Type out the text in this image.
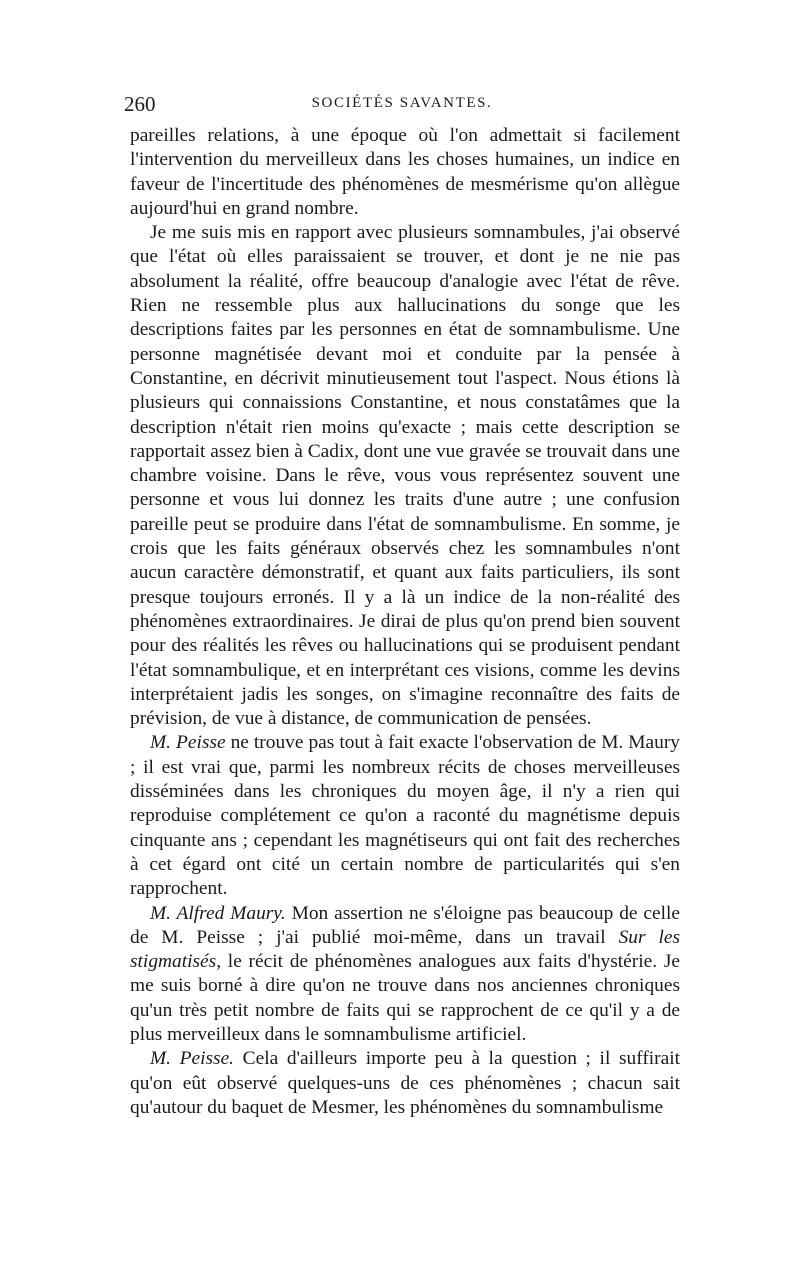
260	SOCIÉTÉS SAVANTES.

pareilles relations, à une époque où l'on admettait si facilement l'intervention du merveilleux dans les choses humaines, un indice en faveur de l'incertitude des phénomènes de mesmérisme qu'on allègue aujourd'hui en grand nombre.

Je me suis mis en rapport avec plusieurs somnambules, j'ai observé que l'état où elles paraissaient se trouver, et dont je ne nie pas absolument la réalité, offre beaucoup d'analogie avec l'état de rêve. Rien ne ressemble plus aux hallucinations du songe que les descriptions faites par les personnes en état de somnambulisme. Une personne magnétisée devant moi et conduite par la pensée à Constantine, en décrivit minutieusement tout l'aspect. Nous étions là plusieurs qui connaissions Constantine, et nous constatâmes que la description n'était rien moins qu'exacte ; mais cette description se rapportait assez bien à Cadix, dont une vue gravée se trouvait dans une chambre voisine. Dans le rêve, vous vous représentez souvent une personne et vous lui donnez les traits d'une autre ; une confusion pareille peut se produire dans l'état de somnambulisme. En somme, je crois que les faits généraux observés chez les somnambules n'ont aucun caractère démonstratif, et quant aux faits particuliers, ils sont presque toujours erronés. Il y a là un indice de la non-réalité des phénomènes extraordinaires. Je dirai de plus qu'on prend bien souvent pour des réalités les rêves ou hallucinations qui se produisent pendant l'état somnambulique, et en interprétant ces visions, comme les devins interprétaient jadis les songes, on s'imagine reconnaître des faits de prévision, de vue à distance, de communication de pensées.

M. Peisse ne trouve pas tout à fait exacte l'observation de M. Maury ; il est vrai que, parmi les nombreux récits de choses merveilleuses disséminées dans les chroniques du moyen âge, il n'y a rien qui reproduise complétement ce qu'on a raconté du magnétisme depuis cinquante ans ; cependant les magnétiseurs qui ont fait des recherches à cet égard ont cité un certain nombre de particularités qui s'en rapprochent.

M. Alfred Maury. Mon assertion ne s'éloigne pas beaucoup de celle de M. Peisse ; j'ai publié moi-même, dans un travail Sur les stigmatisés, le récit de phénomènes analogues aux faits d'hystérie. Je me suis borné à dire qu'on ne trouve dans nos anciennes chroniques qu'un très petit nombre de faits qui se rapprochent de ce qu'il y a de plus merveilleux dans le somnambulisme artificiel.

M. Peisse. Cela d'ailleurs importe peu à la question ; il suffirait qu'on eût observé quelques-uns de ces phénomènes ; chacun sait qu'autour du baquet de Mesmer, les phénomènes du somnambulisme
